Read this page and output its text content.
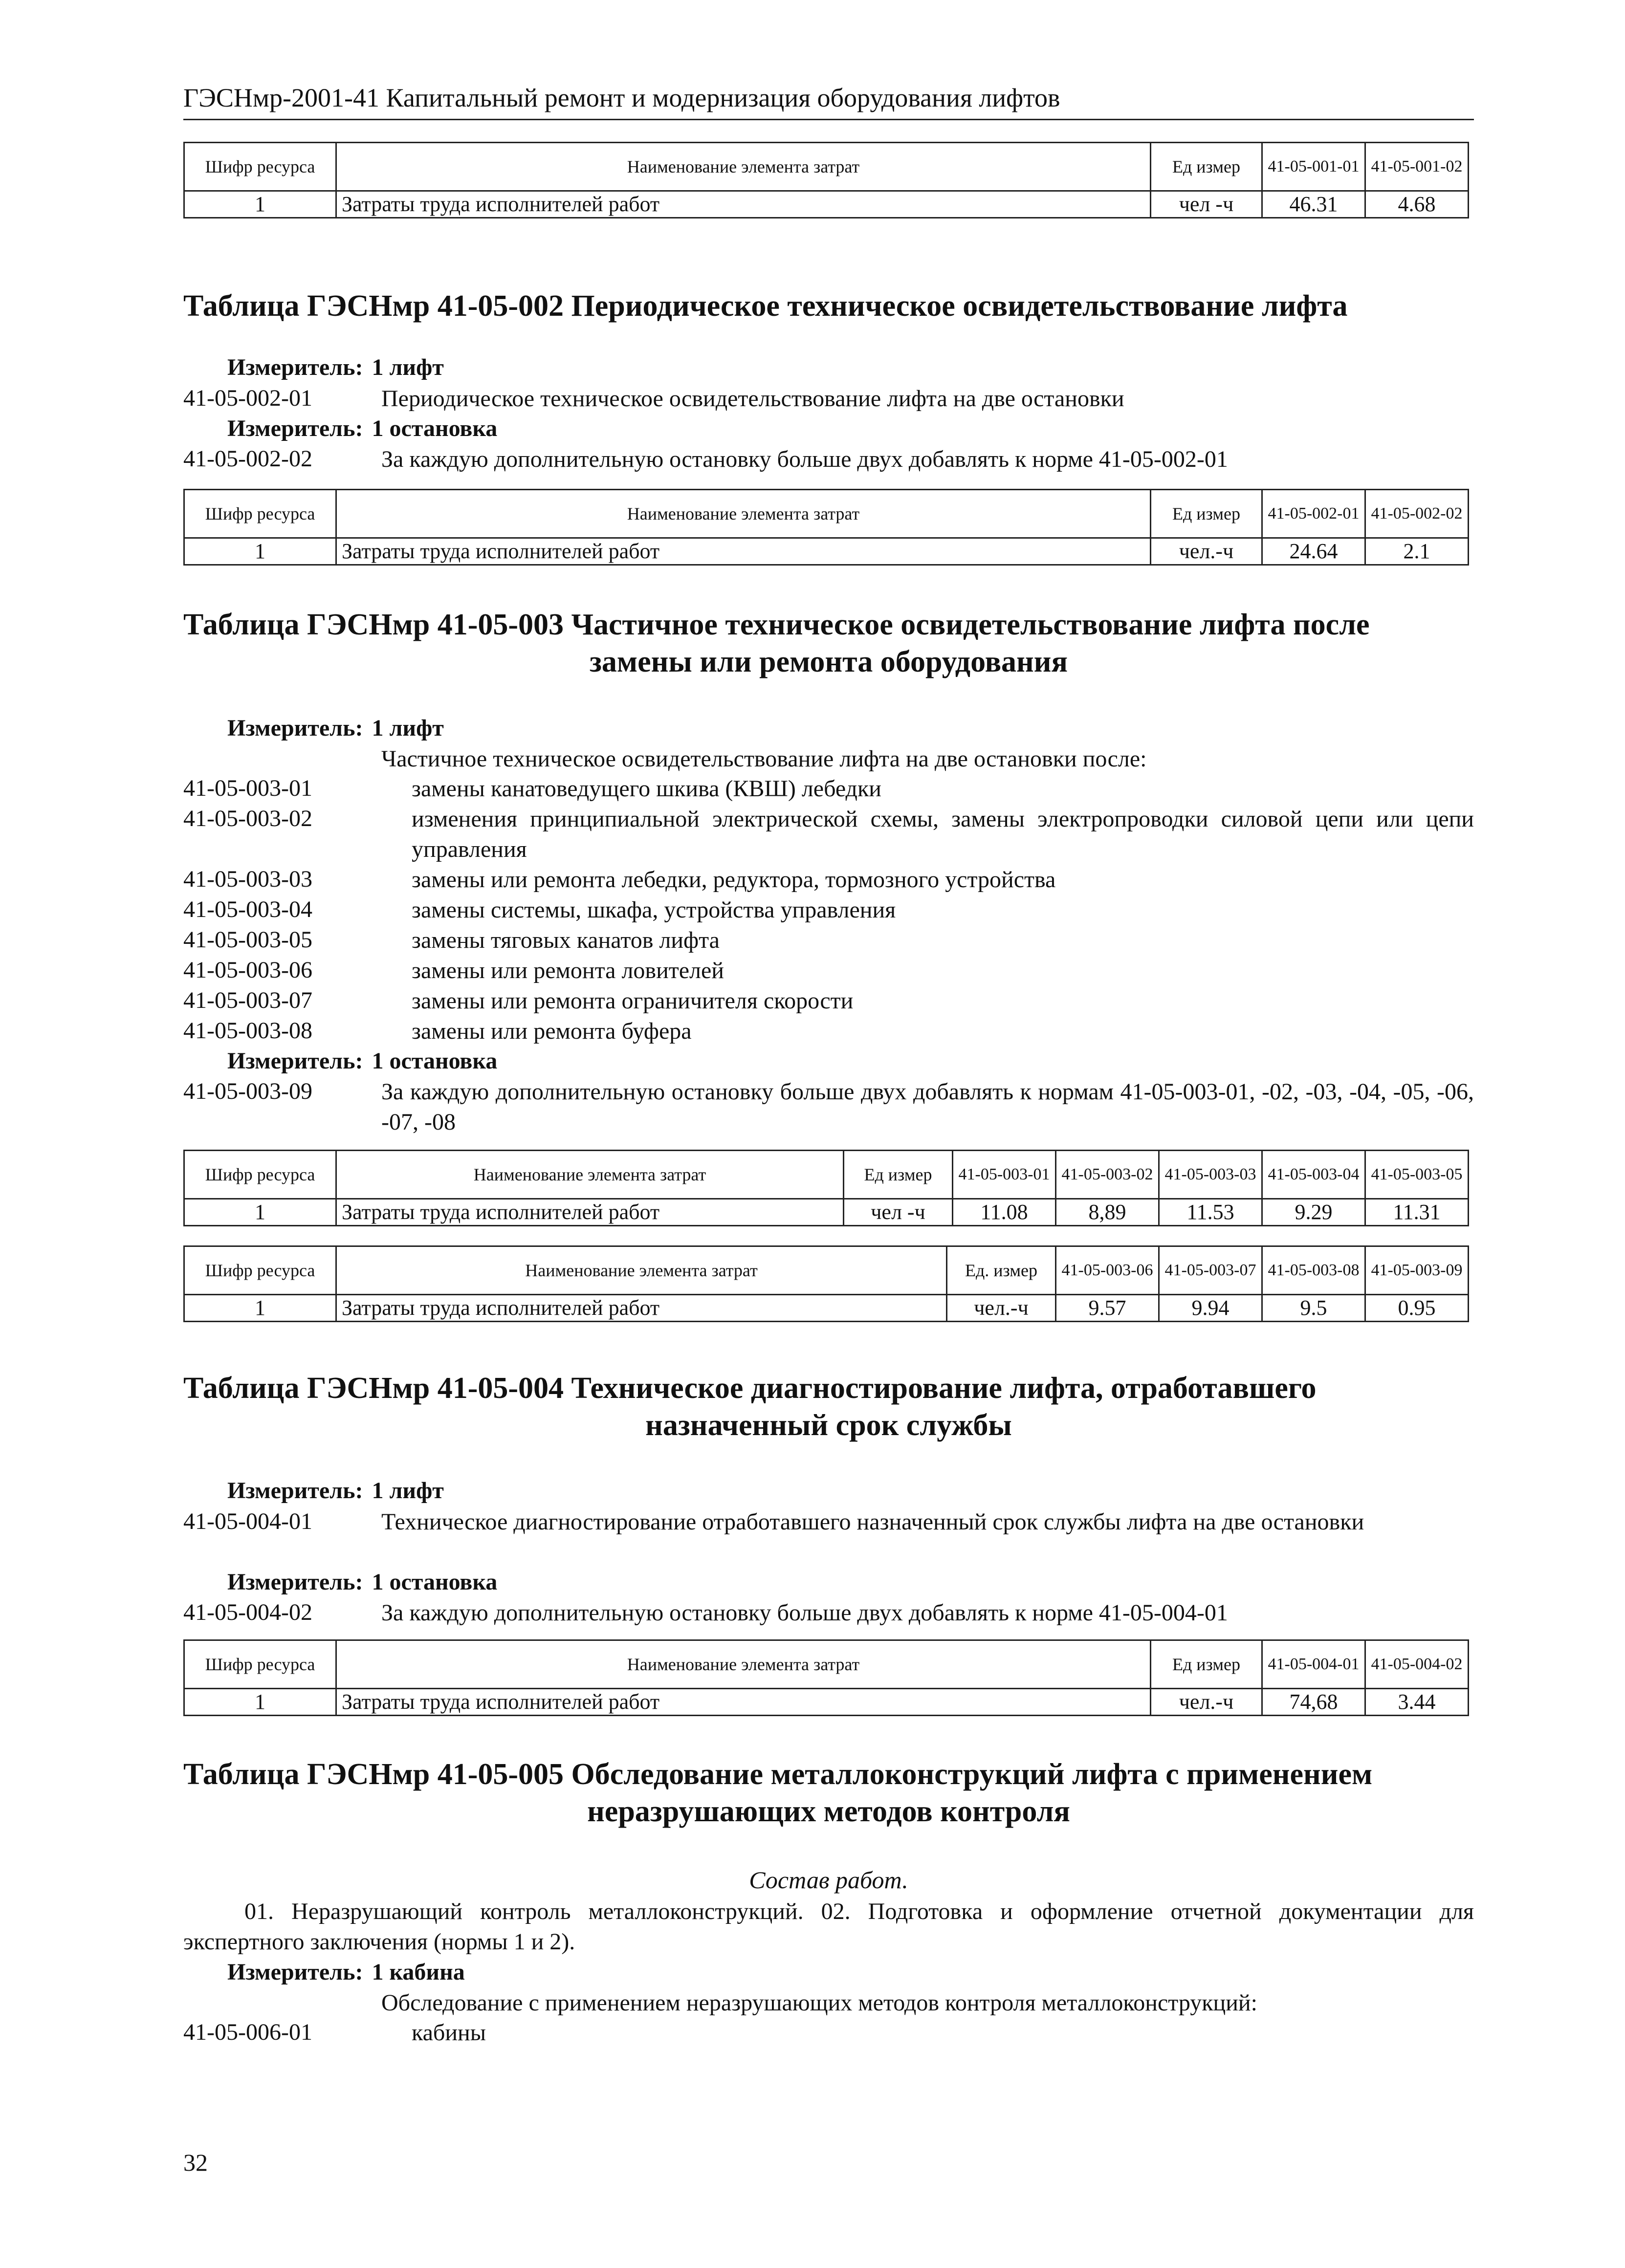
ГЭСНмр-2001-41 Капитальный ремонт и модернизация оборудования лифтов
Шифр ресурса	Наименование элемента затрат	Ед измер	41-05-001-01	41-05-001-02
1	Затраты труда исполнителей работ	чел -ч	46.31	4.68
Таблица ГЭСНмр 41-05-002 Периодическое техническое освидетельствование лифта
Измеритель: 1 лифт
41-05-002-01	Периодическое техническое освидетельствование лифта на две остановки
Измеритель: 1 остановка
41-05-002-02	За каждую дополнительную остановку больше двух добавлять к норме 41-05-002-01
Шифр ресурса	Наименование элемента затрат	Ед измер	41-05-002-01	41-05-002-02
1	Затраты труда исполнителей работ	чел.-ч	24.64	2.1
Таблица ГЭСНмр 41-05-003 Частичное техническое освидетельствование лифта после
замены или ремонта оборудования
Измеритель: 1 лифт
Частичное техническое освидетельствование лифта на две остановки после:
41-05-003-01	замены канатоведущего шкива (КВШ) лебедки
41-05-003-02	изменения принципиальной электрической схемы, замены электропроводки силовой цепи или цепи управления
41-05-003-03	замены или ремонта лебедки, редуктора, тормозного устройства
41-05-003-04	замены системы, шкафа, устройства управления
41-05-003-05	замены тяговых канатов лифта
41-05-003-06	замены или ремонта ловителей
41-05-003-07	замены или ремонта ограничителя скорости
41-05-003-08	замены или ремонта буфера
Измеритель: 1 остановка
41-05-003-09	За каждую дополнительную остановку больше двух добавлять к нормам 41-05-003-01, -02, -03, -04, -05, -06, -07, -08
Шифр ресурса	Наименование элемента затрат	Ед измер	41-05-003-01	41-05-003-02	41-05-003-03	41-05-003-04	41-05-003-05
1	Затраты труда исполнителей работ	чел -ч	11.08	8,89	11.53	9.29	11.31
Шифр ресурса	Наименование элемента затрат	Ед. измер	41-05-003-06	41-05-003-07	41-05-003-08	41-05-003-09
1	Затраты труда исполнителей работ	чел.-ч	9.57	9.94	9.5	0.95
Таблица ГЭСНмр 41-05-004 Техническое диагностирование лифта, отработавшего
назначенный срок службы
Измеритель: 1 лифт
41-05-004-01	Техническое диагностирование отработавшего назначенный срок службы лифта на две остановки
Измеритель: 1 остановка
41-05-004-02	За каждую дополнительную остановку больше двух добавлять к норме 41-05-004-01
Шифр ресурса	Наименование элемента затрат	Ед измер	41-05-004-01	41-05-004-02
1	Затраты труда исполнителей работ	чел.-ч	74,68	3.44
Таблица ГЭСНмр 41-05-005 Обследование металлоконструкций лифта с применением
неразрушающих методов контроля
Состав работ.
01. Неразрушающий контроль металлоконструкций. 02. Подготовка и оформление отчетной документации для экспертного заключения (нормы 1 и 2).
Измеритель: 1 кабина
Обследование с применением неразрушающих методов контроля металлоконструкций:
41-05-006-01	кабины
32
